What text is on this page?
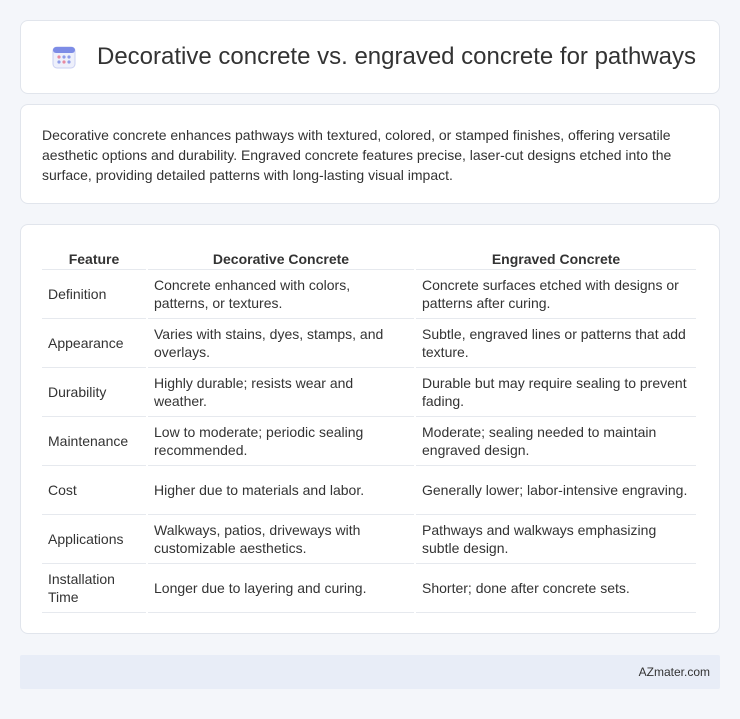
Decorative concrete vs. engraved concrete for pathways

Decorative concrete enhances pathways with textured, colored, or stamped finishes, offering versatile aesthetic options and durability. Engraved concrete features precise, laser-cut designs etched into the surface, providing detailed patterns with long-lasting visual impact.

Feature	Decorative Concrete	Engraved Concrete
Definition	Concrete enhanced with colors, patterns, or textures.	Concrete surfaces etched with designs or patterns after curing.
Appearance	Varies with stains, dyes, stamps, and overlays.	Subtle, engraved lines or patterns that add texture.
Durability	Highly durable; resists wear and weather.	Durable but may require sealing to prevent fading.
Maintenance	Low to moderate; periodic sealing recommended.	Moderate; sealing needed to maintain engraved design.
Cost	Higher due to materials and labor.	Generally lower; labor-intensive engraving.
Applications	Walkways, patios, driveways with customizable aesthetics.	Pathways and walkways emphasizing subtle design.
Installation Time	Longer due to layering and curing.	Shorter; done after concrete sets.
AZmater.com
